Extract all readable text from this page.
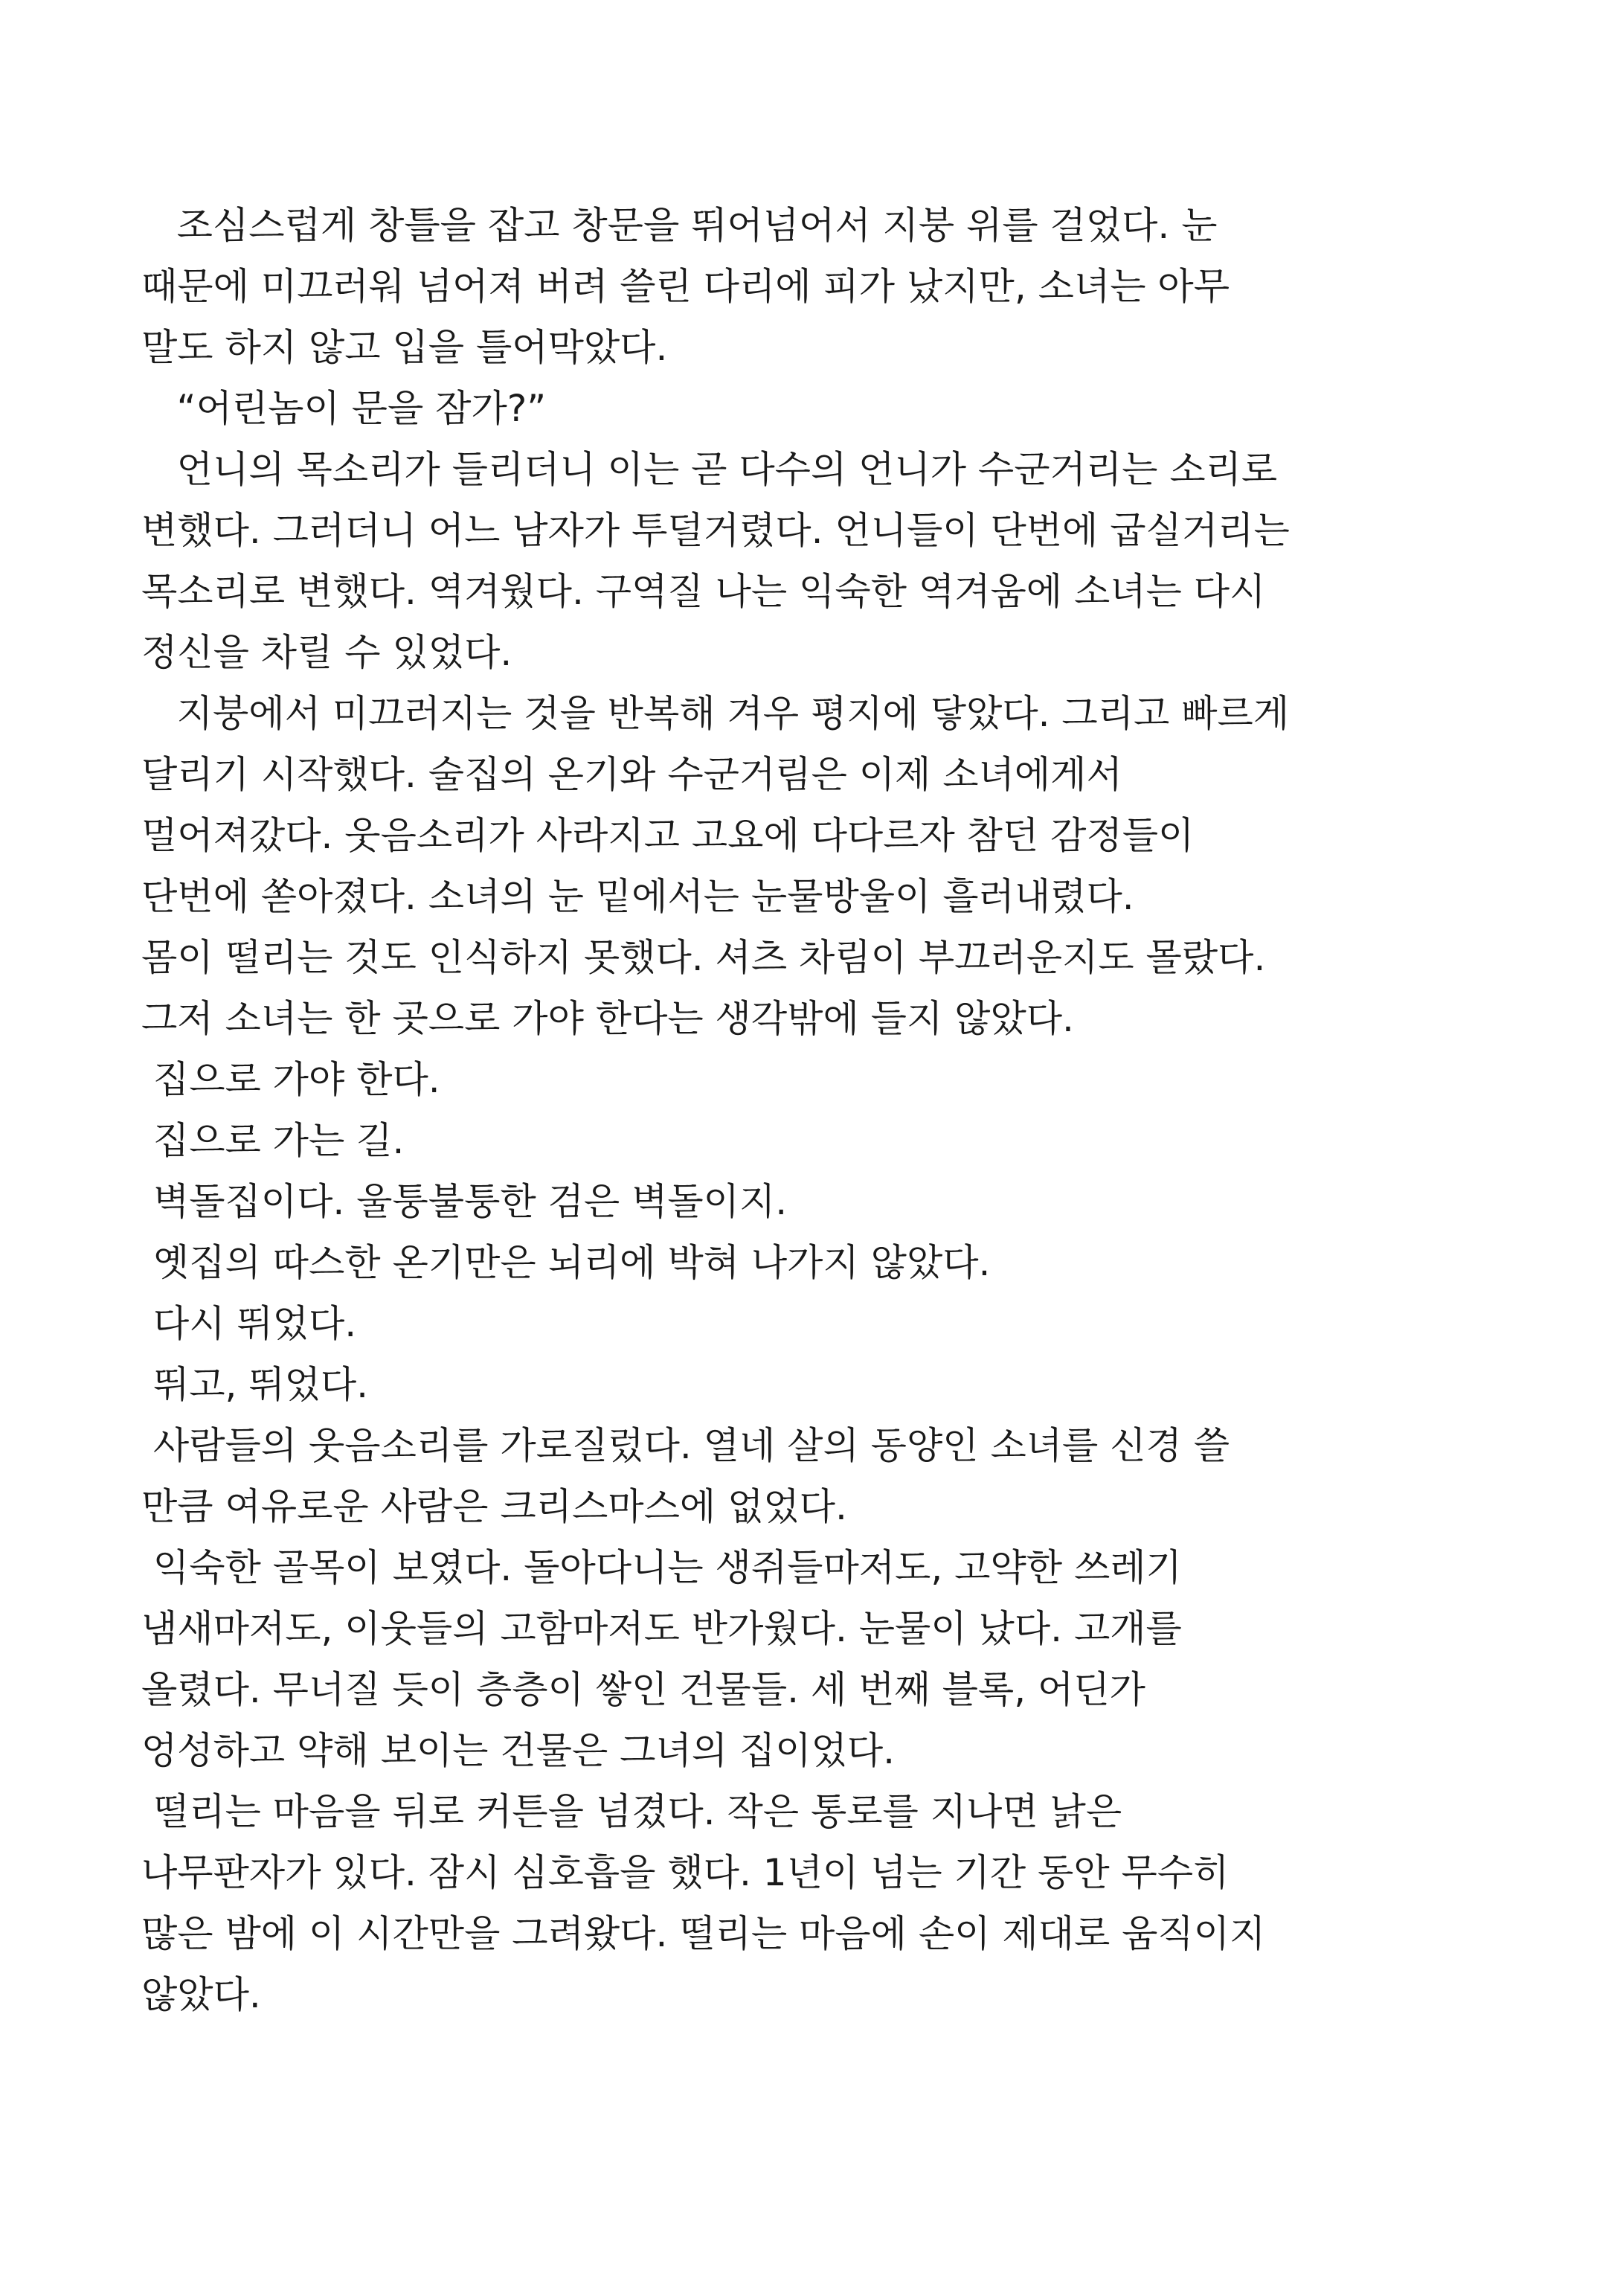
조심스럽게 창틀을 잡고 창문을 뛰어넘어서 지붕 위를 걸었다. 눈
때문에 미끄러워 넘어져 버려 쓸린 다리에 피가 났지만, 소녀는 아무
말도 하지 않고 입을 틀어막았다.
“어린놈이 문을 잠가?”
언니의 목소리가 들리더니 이는 곧 다수의 언니가 수군거리는 소리로
변했다. 그러더니 어느 남자가 투덜거렸다. 언니들이 단번에 굽실거리는
목소리로 변했다. 역겨웠다. 구역질 나는 익숙한 역겨움에 소녀는 다시
정신을 차릴 수 있었다.
지붕에서 미끄러지는 것을 반복해 겨우 평지에 닿았다. 그리고 빠르게
달리기 시작했다. 술집의 온기와 수군거림은 이제 소녀에게서
멀어져갔다. 웃음소리가 사라지고 고요에 다다르자 참던 감정들이
단번에 쏟아졌다. 소녀의 눈 밑에서는 눈물방울이 흘러내렸다.
몸이 떨리는 것도 인식하지 못했다. 셔츠 차림이 부끄러운지도 몰랐다.
그저 소녀는 한 곳으로 가야 한다는 생각밖에 들지 않았다.
집으로 가야 한다.
집으로 가는 길.
벽돌집이다. 울퉁불퉁한 검은 벽돌이지.
옛집의 따스한 온기만은 뇌리에 박혀 나가지 않았다.
다시 뛰었다.
뛰고, 뛰었다.
사람들의 웃음소리를 가로질렀다. 열네 살의 동양인 소녀를 신경 쓸
만큼 여유로운 사람은 크리스마스에 없었다.
익숙한 골목이 보였다. 돌아다니는 생쥐들마저도, 고약한 쓰레기
냄새마저도, 이웃들의 고함마저도 반가웠다. 눈물이 났다. 고개를
올렸다. 무너질 듯이 층층이 쌓인 건물들. 세 번째 블록, 어딘가
엉성하고 약해 보이는 건물은 그녀의 집이었다.
떨리는 마음을 뒤로 커튼을 넘겼다. 작은 통로를 지나면 낡은
나무판자가 있다. 잠시 심호흡을 했다. 1년이 넘는 기간 동안 무수히
많은 밤에 이 시간만을 그려왔다. 떨리는 마음에 손이 제대로 움직이지
않았다.
